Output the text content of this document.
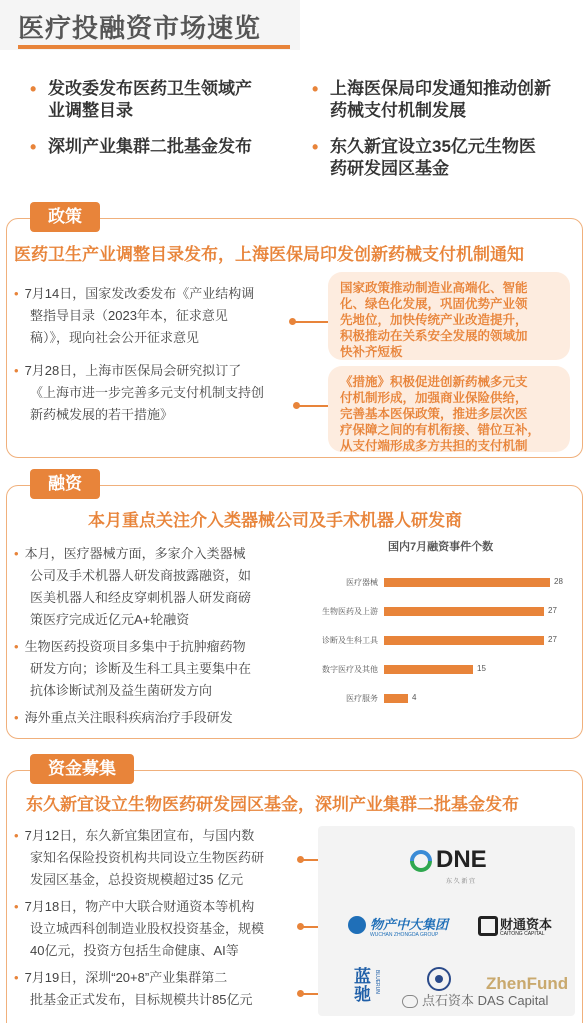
医疗投融资市场速览
• 发改委发布医药卫生领域产
业调整目录
• 上海医保局印发通知推动创新
药械支付机制发展
• 深圳产业集群二批基金发布	• 东久新宜设立35亿元生物医
药研发园区基金
政策
医药卫生产业调整目录发布，上海医保局印发创新药械支付机制通知
• 7月14日，国家发改委发布《产业结构调
整指导目录（2023年本，征求意见
稿）》，现向社会公开征求意见
国家政策推动制造业高端化、智能
化、绿色化发展，巩固优势产业领
先地位，加快传统产业改造提升，
积极推动在关系安全发展的领域加
快补齐短板
• 7月28日，上海市医保局会研究拟订了
《上海市进一步完善多元支付机制支持创
新药械发展的若干措施》
《措施》积极促进创新药械多元支
付机制形成，加强商业保险供给，
完善基本医保政策，推进多层次医
疗保障之间的有机衔接、错位互补，
从支付端形成多方共担的支付机制
融资
本月重点关注介入类器械公司及手术机器人研发商
• 本月，医疗器械方面，多家介入类器械
公司及手术机器人研发商披露融资，如
医美机器人和经皮穿刺机器人研发商磅
策医疗完成近亿元A+轮融资
• 生物医药投资项目多集中于抗肿瘤药物
研发方向；诊断及生科工具主要集中在
抗体诊断试剂及益生菌研发方向
• 海外重点关注眼科疾病治疗手段研发
国内7月融资事件个数
医疗器械	28
生物医药及上游	27
诊断及生科工具	27
数字医疗及其他	15
医疗服务	4
资金募集
东久新宜设立生物医药研发园区基金，深圳产业集群二批基金发布
• 7月12日，东久新宜集团宣布，与国内数
家知名保险投资机构共同设立生物医药研
发园区基金，总投资规模超过35 亿元
• 7月18日，物产中大联合财通资本等机构
设立城西科创制造业股权投资基金，规模
40亿元，投资方包括生命健康、AI等
• 7月19日，深圳“20+8”产业集群第二
批基金正式发布，目标规模共计85亿元
DNE
东 久 新 宜
物产中大集团
WUCHAN ZHONGDA GROUP
财通资本
CAITONG CAPITAL
蓝驰
BLUERUN	ZhenFund
点石资本 DAS Capital
